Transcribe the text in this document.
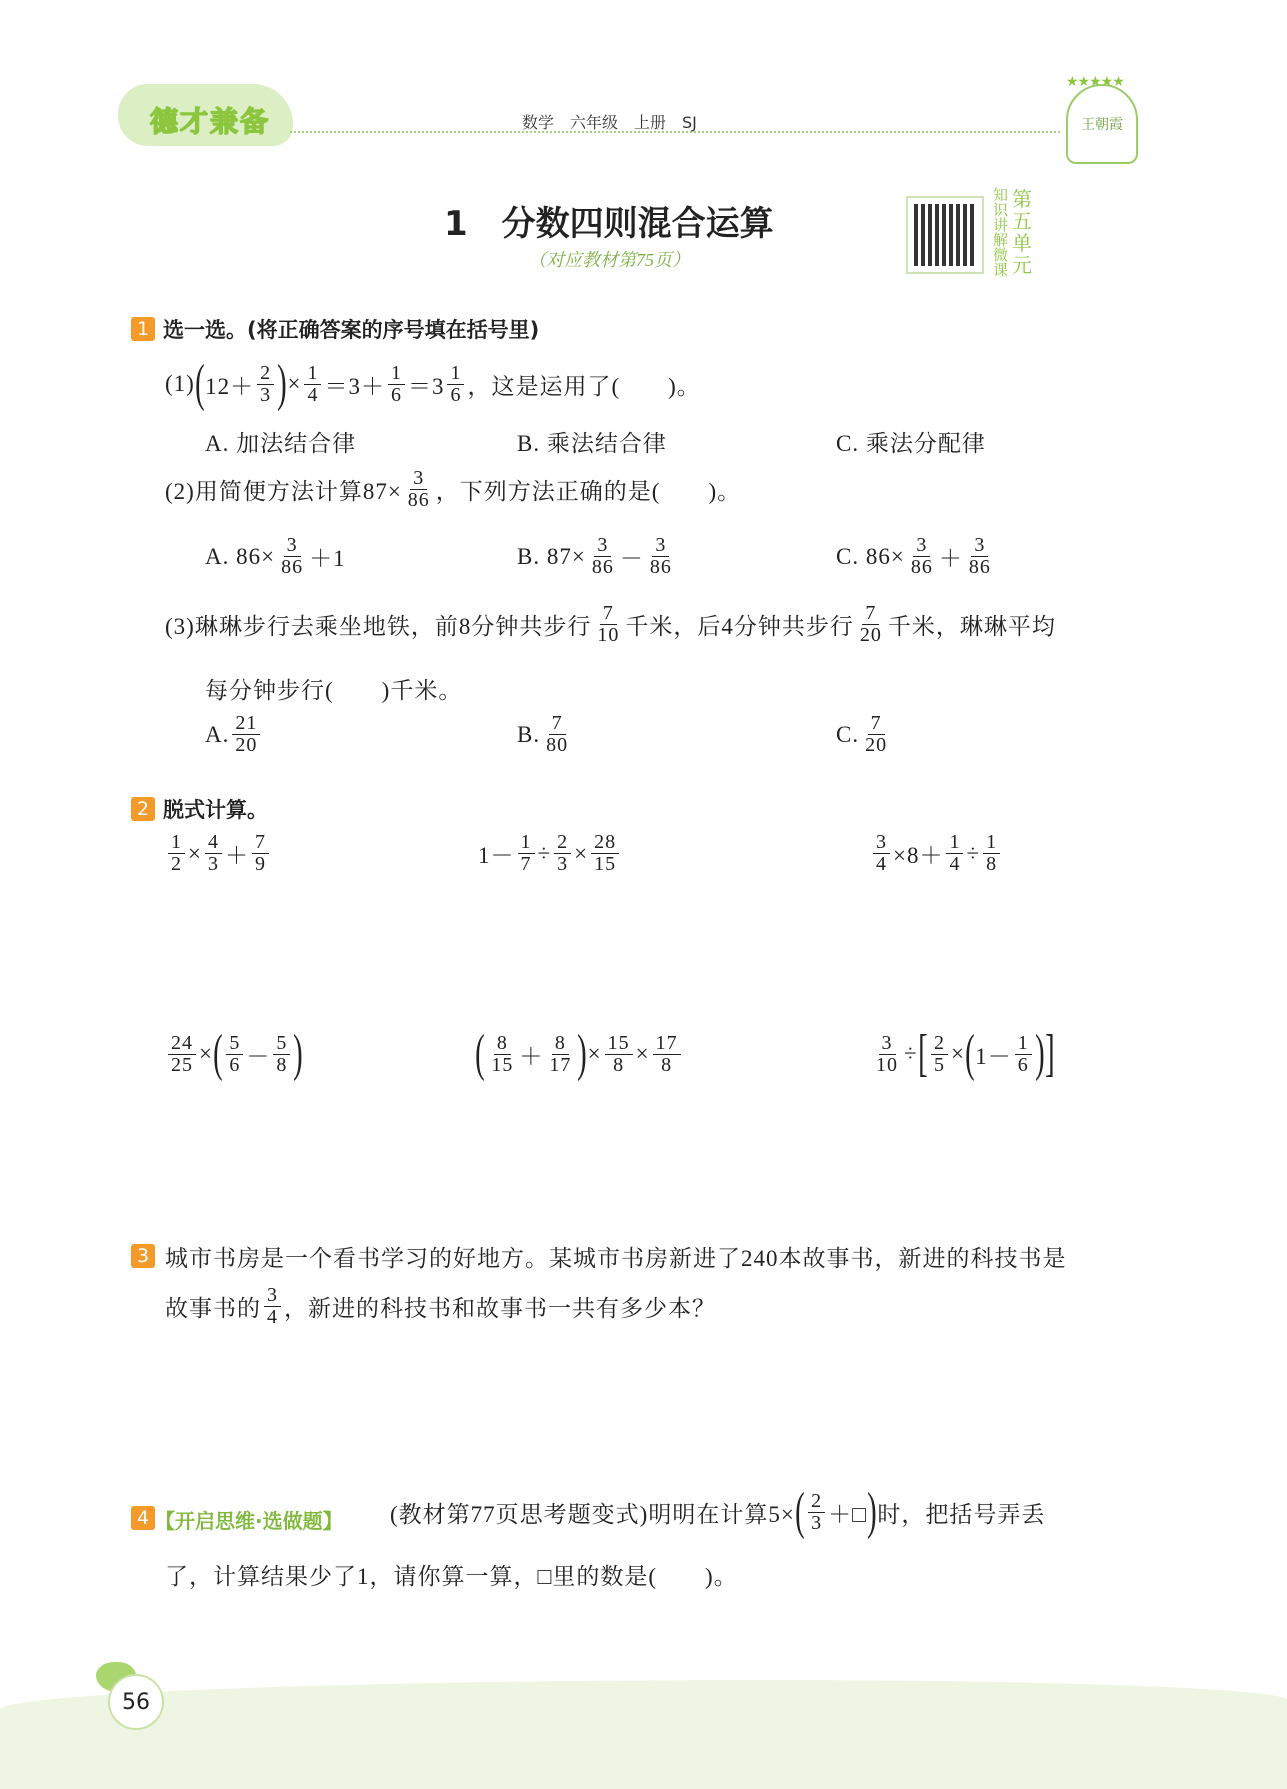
德才兼备	数学　六年级　上册　SJ	王朝霞
★★★★★
1　分数四则混合运算
（对应教材第75页）
知识讲解微课
第五单元
1 选一选。(将正确答案的序号填在括号里)
(1) ( $12+ \frac{2}{3}$ ) × $\frac{1}{4} =3+ \frac{1}{6} =3 \frac{1}{6}$ ，这是运用了(　　)。
A. 加法结合律	B. 乘法结合律	C. 乘法分配律
(2)用简便方法计算$87\times \frac{3}{86}$ ，下列方法正确的是(　　)。
A. $86\times \frac{3}{86} +1$	B. $87\times \frac{3}{86} - \frac{3}{86}$	C. $86\times \frac{3}{86} + \frac{3}{86}$
(3)琳琳步行去乘坐地铁，前8分钟共步行 $\frac{7}{10}$ 千米，后4分钟共步行 $\frac{7}{20}$ 千米，琳琳平均
每分钟步行(　　)千米。
A. $\frac{21}{20}$	B. $\frac{7}{80}$	C. $\frac{7}{20}$
2 脱式计算。
$\frac{1}{2} \times \frac{4}{3} + \frac{7}{9}$	$1- \frac{1}{7} \div \frac{2}{3} \times \frac{28}{15}$	$\frac{3}{4} \times 8+ \frac{1}{4} \div \frac{1}{8}$
$\frac{24}{25}$ × ( $\frac{5}{6} - \frac{5}{8}$ )	( $\frac{8}{15} + \frac{8}{17}$ ) × $\frac{15}{8} \times \frac{17}{8}$	$\frac{3}{10}$ ÷ [ $\frac{2}{5}$ × ( $1- \frac{1}{6}$ ) ]
3 城市书房是一个看书学习的好地方。某城市书房新进了240本故事书，新进的科技书是
故事书的 $\frac{3}{4}$ ，新进的科技书和故事书一共有多少本？
4 【开启思维·选做题】 (教材第77页思考题变式)明明在计算5× ( $\frac{2}{3}$ ＋□ ) 时，把括号弄丢
了，计算结果少了1，请你算一算，□里的数是(　　)。
56
